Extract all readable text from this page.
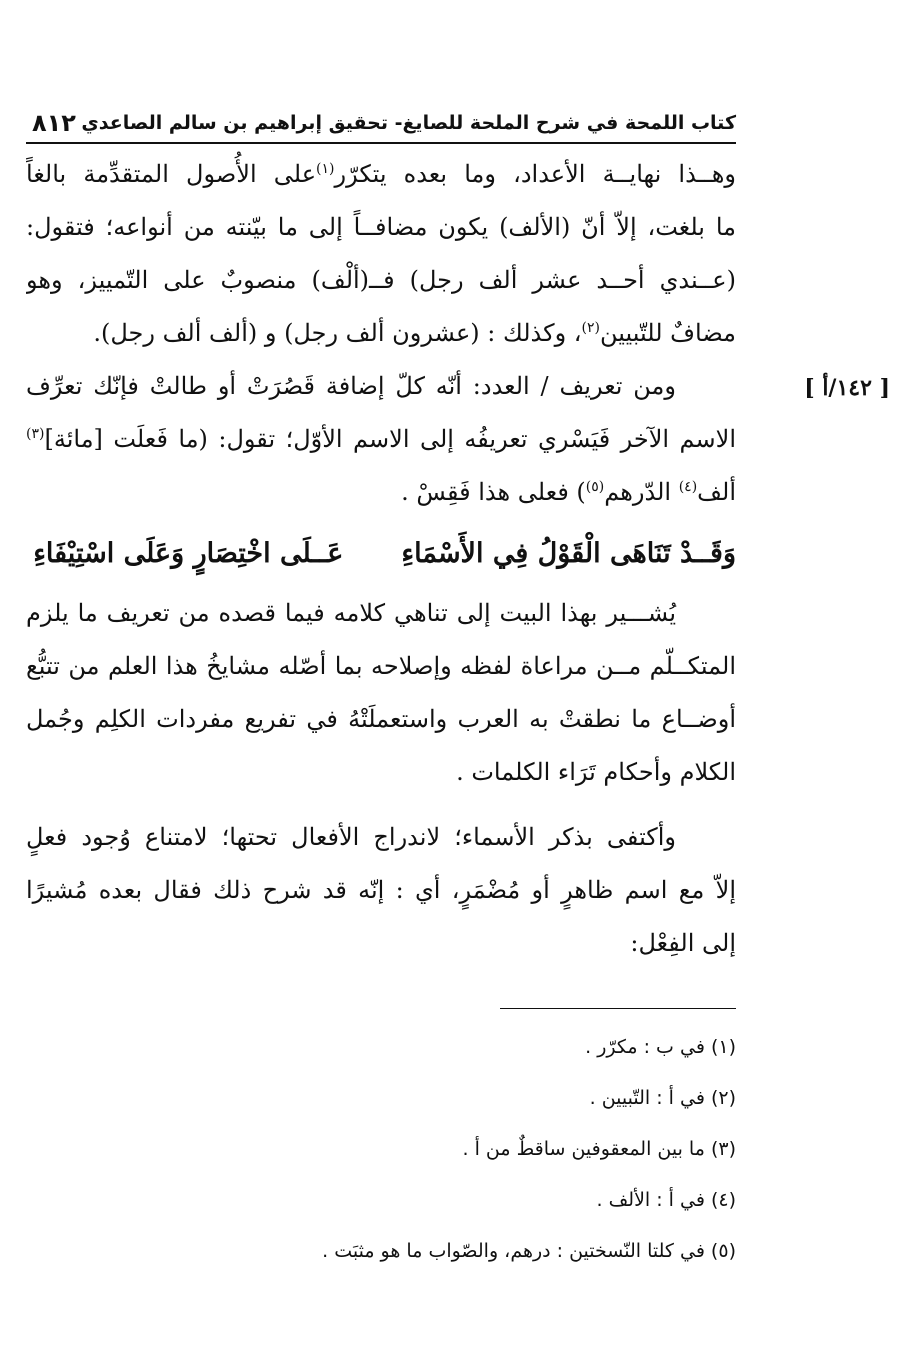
كتاب اللمحة في شرح الملحة للصايغ- تحقيق إبراهيم بن سالم الصاعدي
٨١٢
[ ١٤٢/أ ]
وهــذا نهايــة الأعداد، وما بعده يتكرّر$^{(١)}$على الأُصول المتقدِّمة بالغاً
ما بلغت، إلاّ أنّ (الألف) يكون مضافــاً إلى ما بيّنته من أنواعه؛ فتقول:
(عــندي أحــد عشر ألف رجل) فــ(ألْف) منصوبٌ على التّمييز، وهو
مضافٌ للتّبيين$^{(٢)}$، وكذلك : (عشرون ألف رجل) و (ألف ألف رجل).
ومن تعريف / العدد: أنّه كلّ إضافة قَصُرَتْ أو طالتْ فإنّك تعرِّف
الاسم الآخر فَيَسْري تعريفُه إلى الاسم الأوّل؛ تقول: (ما فَعلَت [مائة]$^{(٣)}$
ألف$^{(٤)}$ الدّرهم$^{(٥)}$) فعلى هذا فَقِسْ .
وَقَــدْ تَنَاهَى الْقَوْلُ فِي الأَسْمَاءِعَــلَى اخْتِصَارٍ وَعَلَى اسْتِيْفَاءِ
يُشـــير بهذا البيت إلى تناهي كلامه فيما قصده من تعريف ما يلزم
المتكــلّم مــن مراعاة لفظه وإصلاحه بما أصّله مشايخُ هذا العلم من تتبُّع
أوضــاع ما نطقتْ به العرب واستعملَتْهُ في تفريع مفردات الكلِم وجُمل
الكلام وأحكام تَرَاء الكلمات .
وأكتفى بذكر الأسماء؛ لاندراج الأفعال تحتها؛ لامتناع وُجود فعلٍ
إلاّ مع اسم ظاهرٍ أو مُضْمَرٍ، أي : إنّه قد شرح ذلك فقال بعده مُشيرًا
إلى الفِعْل:
(١) في ب : مكرّر .
(٢) في أ : التّبيين .
(٣) ما بين المعقوفين ساقطٌ من أ .
(٤) في أ : الألف .
(٥) في كلتا النّسختين : درهم، والصّواب ما هو مثبَت .
